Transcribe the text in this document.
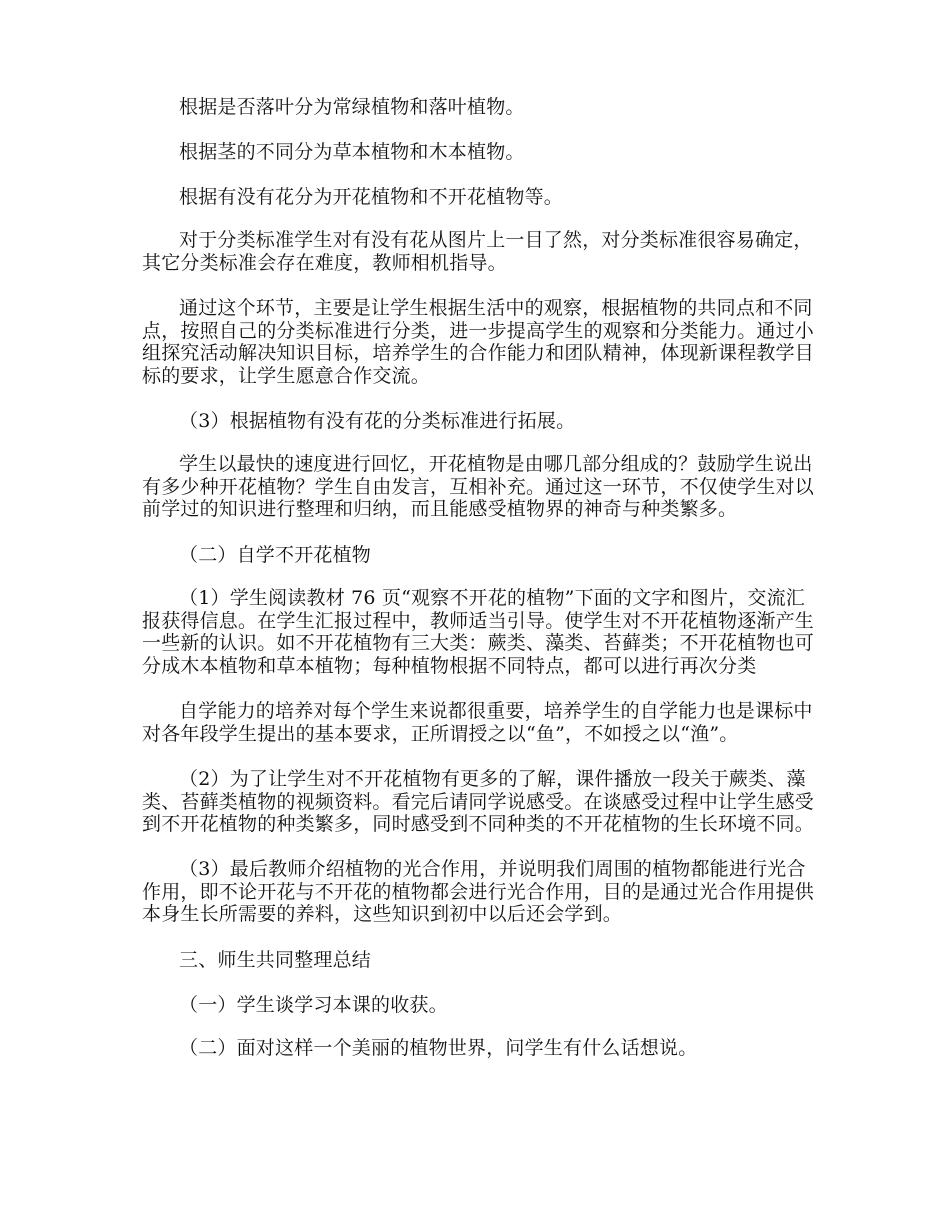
根据是否落叶分为常绿植物和落叶植物。

根据茎的不同分为草本植物和木本植物。

根据有没有花分为开花植物和不开花植物等。

对于分类标准学生对有没有花从图片上一目了然，对分类标准很容易确定，其它分类标准会存在难度，教师相机指导。

通过这个环节，主要是让学生根据生活中的观察，根据植物的共同点和不同点，按照自己的分类标准进行分类，进一步提高学生的观察和分类能力。通过小组探究活动解决知识目标，培养学生的合作能力和团队精神，体现新课程教学目标的要求，让学生愿意合作交流。

（3）根据植物有没有花的分类标准进行拓展。

学生以最快的速度进行回忆，开花植物是由哪几部分组成的？鼓励学生说出有多少种开花植物？学生自由发言，互相补充。通过这一环节，不仅使学生对以前学过的知识进行整理和归纳，而且能感受植物界的神奇与种类繁多。

（二）自学不开花植物

（1）学生阅读教材 76 页“观察不开花的植物”下面的文字和图片，交流汇报获得信息。在学生汇报过程中，教师适当引导。使学生对不开花植物逐渐产生一些新的认识。如不开花植物有三大类：蕨类、藻类、苔藓类；不开花植物也可分成木本植物和草本植物；每种植物根据不同特点，都可以进行再次分类

自学能力的培养对每个学生来说都很重要，培养学生的自学能力也是课标中对各年段学生提出的基本要求，正所谓授之以“鱼”，不如授之以“渔”。

（2）为了让学生对不开花植物有更多的了解，课件播放一段关于蕨类、藻类、苔藓类植物的视频资料。看完后请同学说感受。在谈感受过程中让学生感受到不开花植物的种类繁多，同时感受到不同种类的不开花植物的生长环境不同。

（3）最后教师介绍植物的光合作用，并说明我们周围的植物都能进行光合作用，即不论开花与不开花的植物都会进行光合作用，目的是通过光合作用提供本身生长所需要的养料，这些知识到初中以后还会学到。

三、师生共同整理总结

（一）学生谈学习本课的收获。

（二）面对这样一个美丽的植物世界，问学生有什么话想说。
